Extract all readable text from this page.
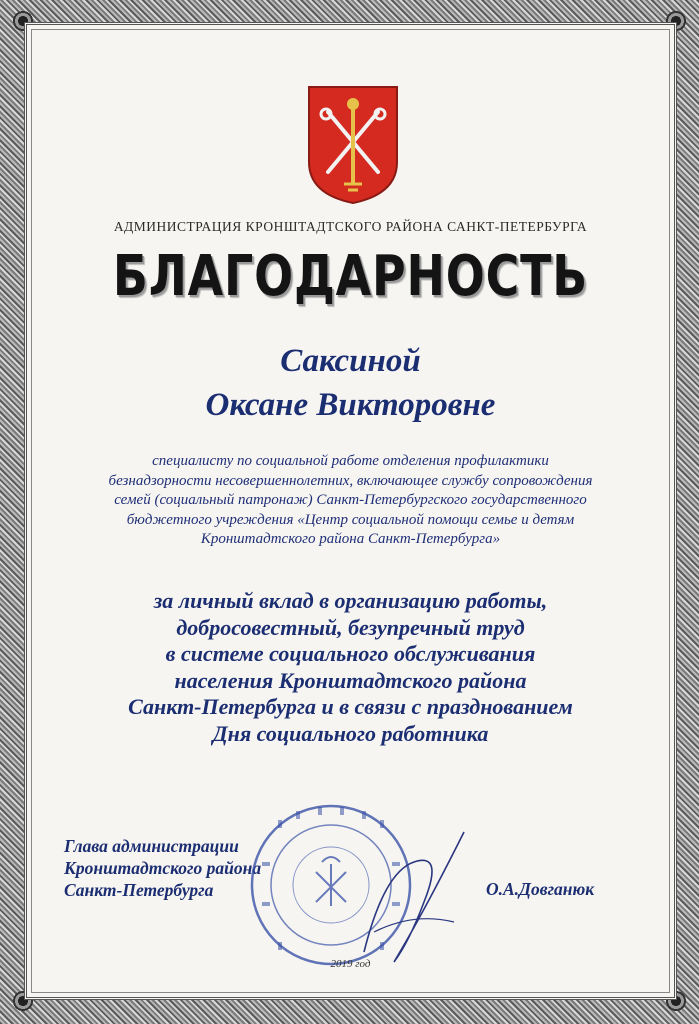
АДМИНИСТРАЦИЯ КРОНШТАДТСКОГО РАЙОНА САНКТ-ПЕТЕРБУРГА
БЛАГОДАРНОСТЬ
Саксиной
Оксане Викторовне
специалисту по социальной работе отделения профилактики
безнадзорности несовершеннолетних, включающее службу сопровождения
семей (социальный патронаж) Санкт-Петербургского государственного
бюджетного учреждения «Центр социальной помощи семье и детям
Кронштадтского района Санкт-Петербурга»
за личный вклад в организацию работы,
добросовестный, безупречный труд
в системе социального обслуживания
населения Кронштадтского района
Санкт-Петербурга и в связи с празднованием
Дня социального работника
Глава администрации
Кронштадтского района
Санкт-Петербурга	О.А.Довганюк
2019 год
